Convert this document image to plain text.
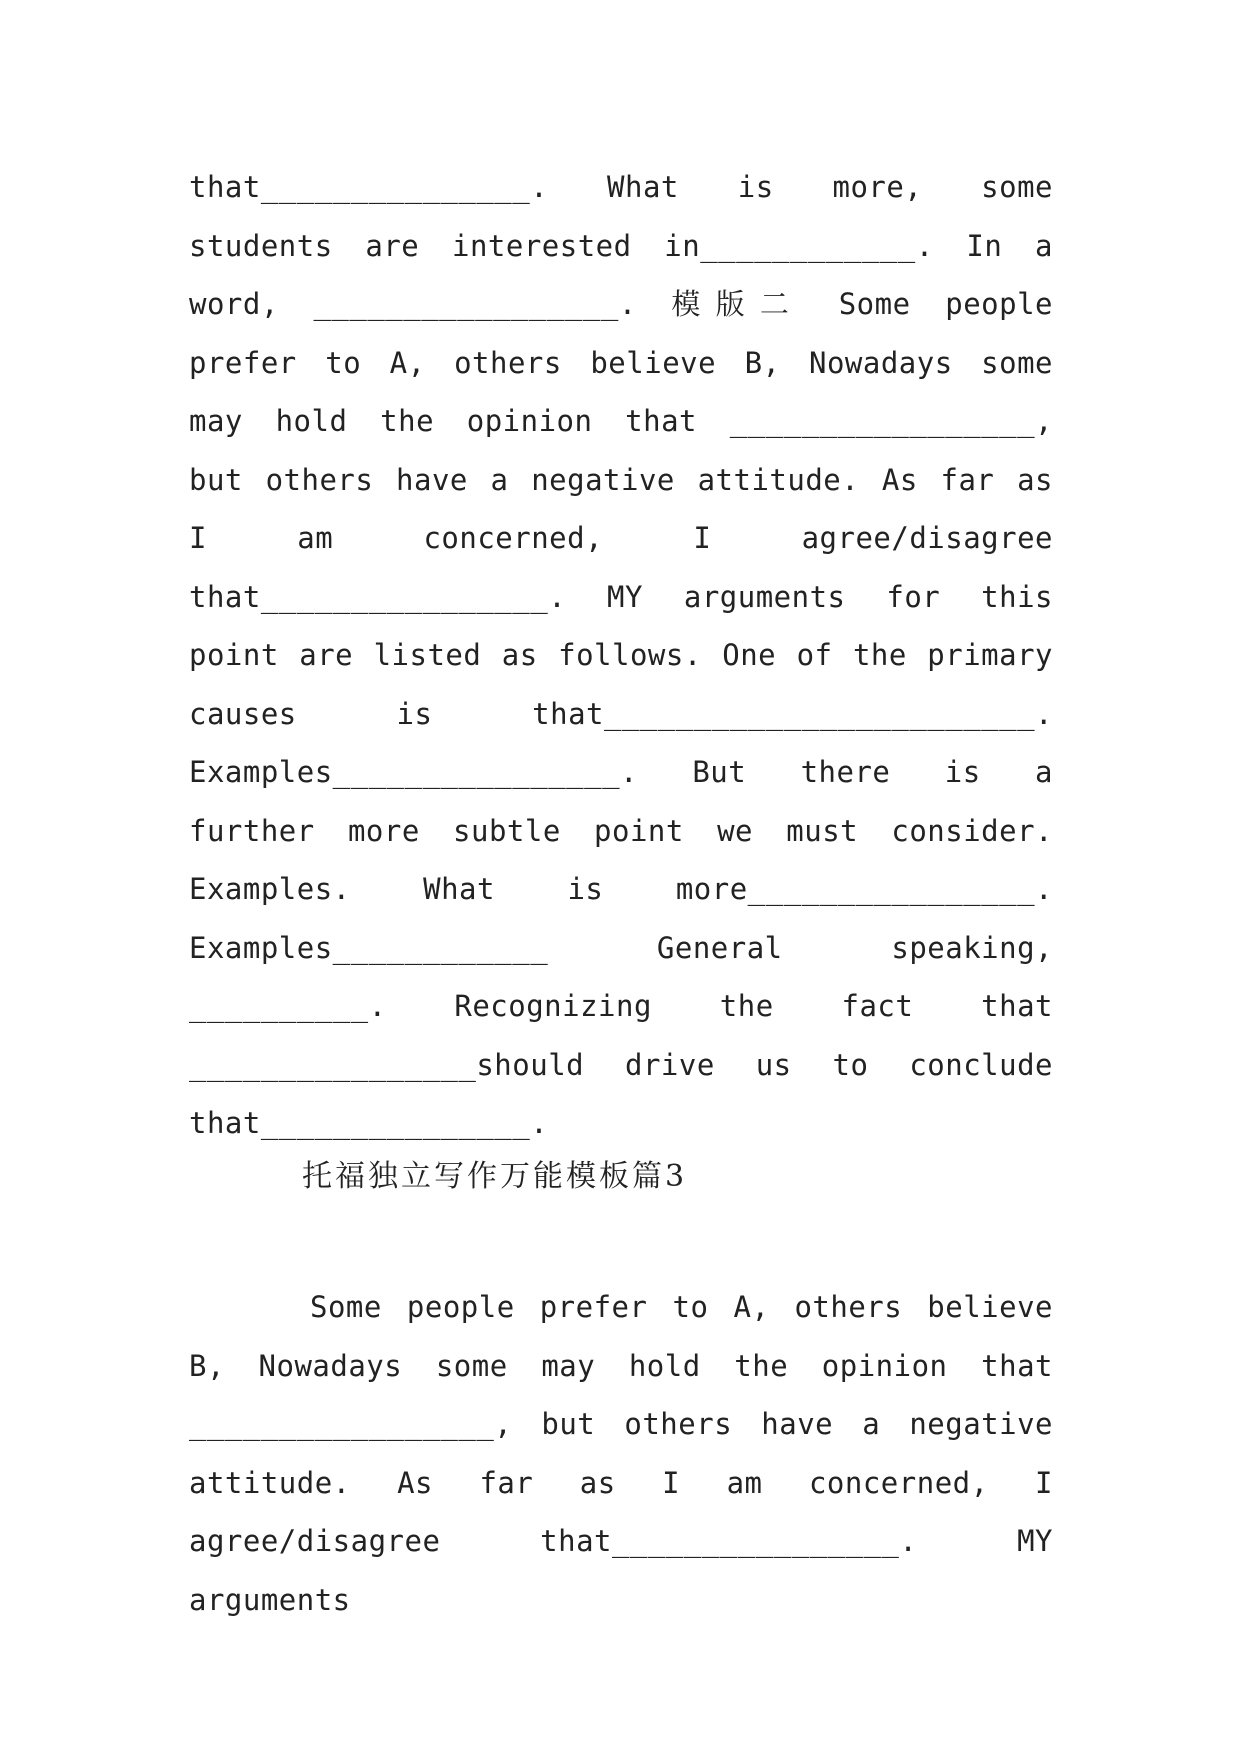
that_______________. What is more, some students are interested in____________. In a word, _________________. 模版二 Some people prefer to A, others believe B, Nowadays some may hold the opinion that _________________, but others have a negative attitude. As far as I am concerned, I agree/disagree that________________. MY arguments for this point are listed as follows. One of the primary causes is that________________________. Examples________________. But there is a further more subtle point we must consider. Examples. What is more________________. Examples____________ General speaking, __________. Recognizing the fact that ________________should drive us to conclude that_______________.

托福独立写作万能模板篇3

Some people prefer to A, others believe B, Nowadays some may hold the opinion that _________________, but others have a negative attitude. As far as I am concerned, I agree/disagree that________________. MY arguments
